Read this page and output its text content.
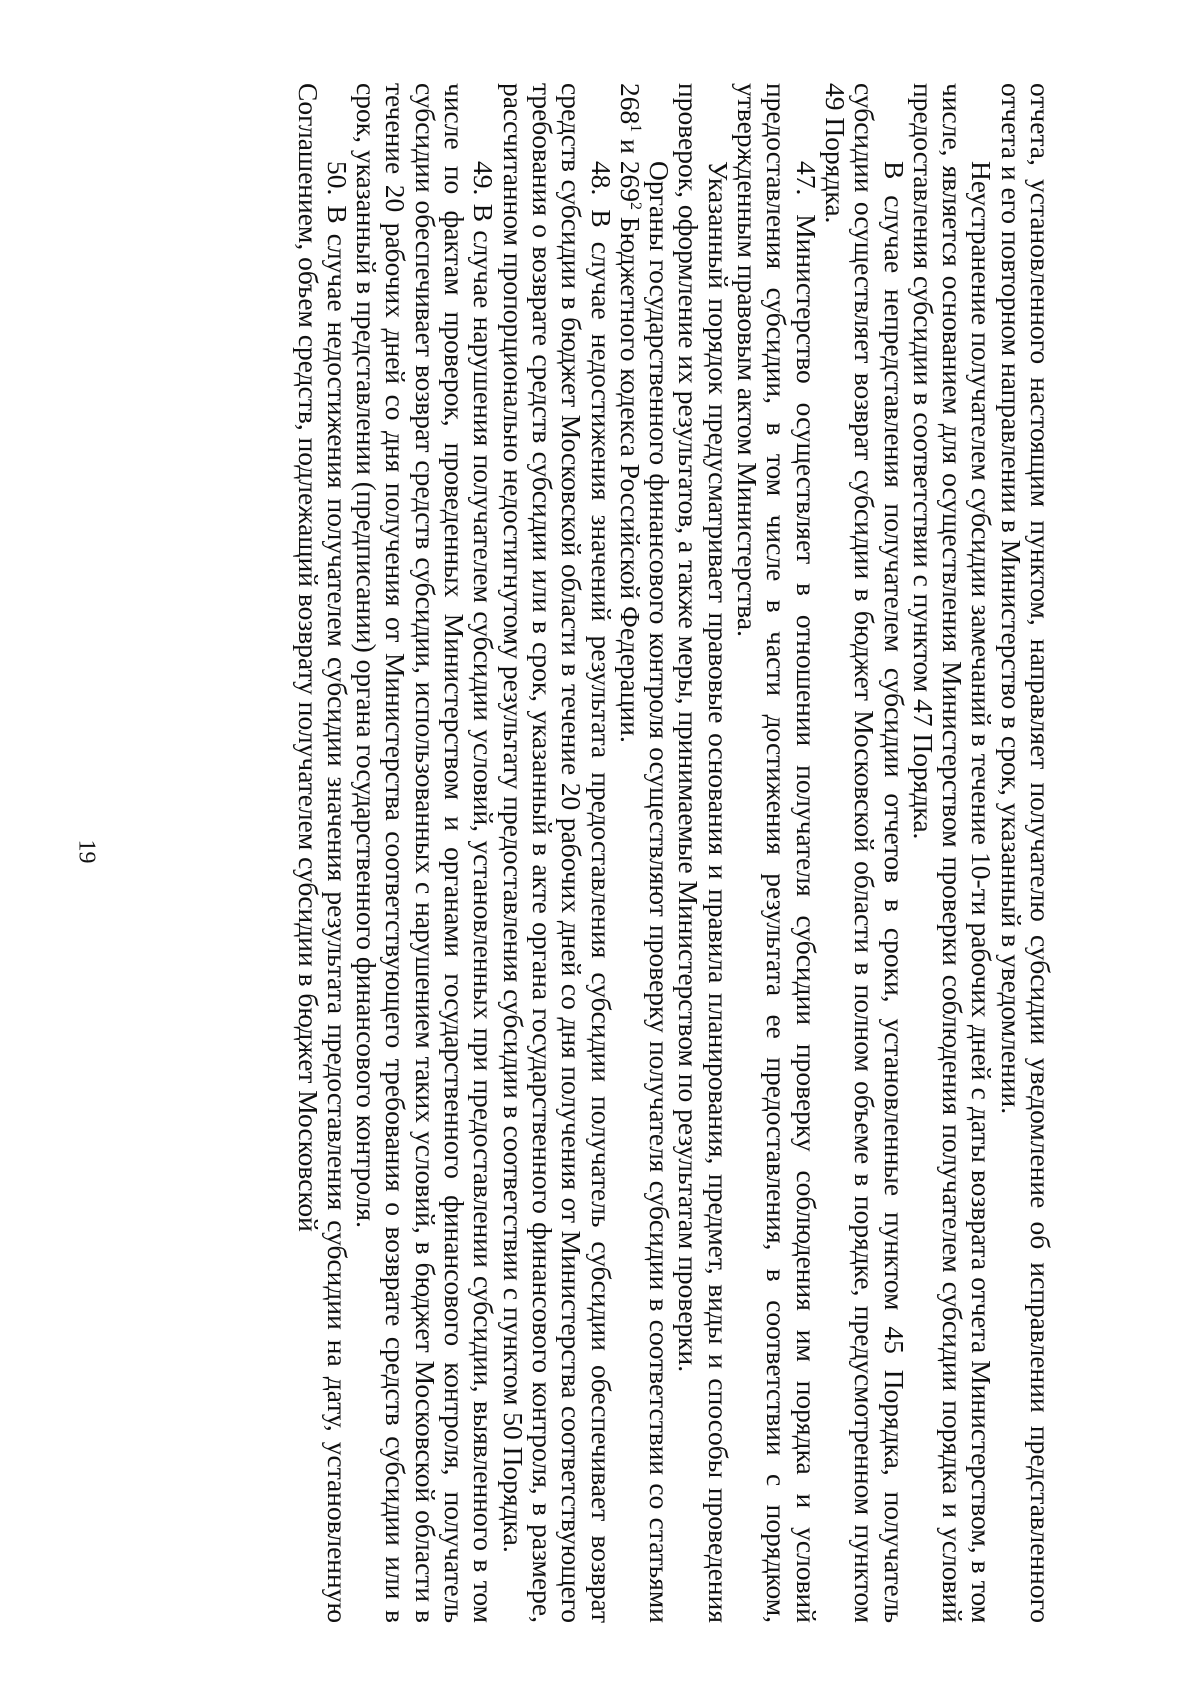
19	отчета, установленного настоящим пунктом, направляет получателю субсидии уведомление об исправлении представленного отчета и его повторном направлении в Министерство в срок, указанный в уведомлении.

Неустранение получателем субсидии замечаний в течение 10-ти рабочих дней с даты возврата отчета Министерством, в том числе, является основанием для осуществления Министерством проверки соблюдения получателем субсидии порядка и условий предоставления субсидии в соответствии с пунктом 47 Порядка.

В случае непредставления получателем субсидии отчетов в сроки, установленные пунктом 45 Порядка, получатель субсидии осуществляет возврат субсидии в бюджет Московской области в полном объеме в порядке, предусмотренном пунктом 49 Порядка.

47. Министерство осуществляет в отношении получателя субсидии проверку соблюдения им порядка и условий предоставления субсидии, в том числе в части достижения результата ее предоставления, в соответствии с порядком, утвержденным правовым актом Министерства.

Указанный порядок предусматривает правовые основания и правила планирования, предмет, виды и способы проведения проверок, оформление их результатов, а также меры, принимаемые Министерством по результатам проверки.

Органы государственного финансового контроля осуществляют проверку получателя субсидии в соответствии со статьями $268^1$ и $269^2$ Бюджетного кодекса Российской Федерации.

48. В случае недостижения значений результата предоставления субсидии получатель субсидии обеспечивает возврат средств субсидии в бюджет Московской области в течение 20 рабочих дней со дня получения от Министерства соответствующего требования о возврате средств субсидии или в срок, указанный в акте органа государственного финансового контроля, в размере, рассчитанном пропорционально недостигнутому результату предоставления субсидии в соответствии с пунктом 50 Порядка.

49. В случае нарушения получателем субсидии условий, установленных при предоставлении субсидии, выявленного в том числе по фактам проверок, проведенных Министерством и органами государственного финансового контроля, получатель субсидии обеспечивает возврат средств субсидии, использованных с нарушением таких условий, в бюджет Московской области в течение 20 рабочих дней со дня получения от Министерства соответствующего требования о возврате средств субсидии или в срок, указанный в представлении (предписании) органа государственного финансового контроля.

50. В случае недостижения получателем субсидии значения результата предоставления субсидии на дату, установленную Соглашением, объем средств, подлежащий возврату получателем субсидии в бюджет Московской
